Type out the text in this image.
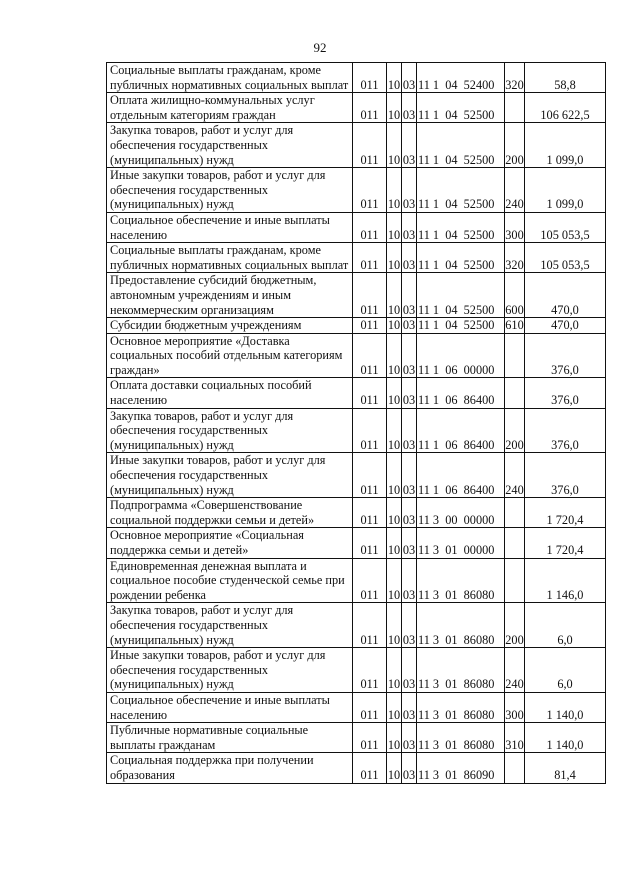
92
Социальные выплаты гражданам, кроме публичных нормативных социальных выплат	011	10	03	11 1  04  52400	320	58,8
Оплата жилищно-коммунальных услуг отдельным категориям граждан	011	10	03	11 1  04  52500		106 622,5
Закупка товаров, работ и услуг для обеспечения государственных (муниципальных) нужд	011	10	03	11 1  04  52500	200	1 099,0
Иные закупки товаров, работ и услуг для обеспечения государственных (муниципальных) нужд	011	10	03	11 1  04  52500	240	1 099,0
Социальное обеспечение и иные выплаты населению	011	10	03	11 1  04  52500	300	105 053,5
Социальные выплаты гражданам, кроме публичных нормативных социальных выплат	011	10	03	11 1  04  52500	320	105 053,5
Предоставление субсидий бюджетным, автономным учреждениям и иным некоммерческим организациям	011	10	03	11 1  04  52500	600	470,0
Субсидии бюджетным учреждениям	011	10	03	11 1  04  52500	610	470,0
Основное мероприятие «Доставка социальных пособий отдельным категориям граждан»	011	10	03	11 1  06  00000		376,0
Оплата доставки социальных пособий населению	011	10	03	11 1  06  86400		376,0
Закупка товаров, работ и услуг для обеспечения государственных (муниципальных) нужд	011	10	03	11 1  06  86400	200	376,0
Иные закупки товаров, работ и услуг для обеспечения государственных (муниципальных) нужд	011	10	03	11 1  06  86400	240	376,0
Подпрограмма «Совершенствование социальной поддержки семьи и детей»	011	10	03	11 3  00  00000		1 720,4
Основное мероприятие «Социальная поддержка семьи и детей»	011	10	03	11 3  01  00000		1 720,4
Единовременная денежная выплата и социальное пособие студенческой семье при рождении ребенка	011	10	03	11 3  01  86080		1 146,0
Закупка товаров, работ и услуг для обеспечения государственных (муниципальных) нужд	011	10	03	11 3  01  86080	200	6,0
Иные закупки товаров, работ и услуг для обеспечения государственных (муниципальных) нужд	011	10	03	11 3  01  86080	240	6,0
Социальное обеспечение и иные выплаты населению	011	10	03	11 3  01  86080	300	1 140,0
Публичные нормативные социальные выплаты гражданам	011	10	03	11 3  01  86080	310	1 140,0
Социальная поддержка при получении образования	011	10	03	11 3  01  86090		81,4
